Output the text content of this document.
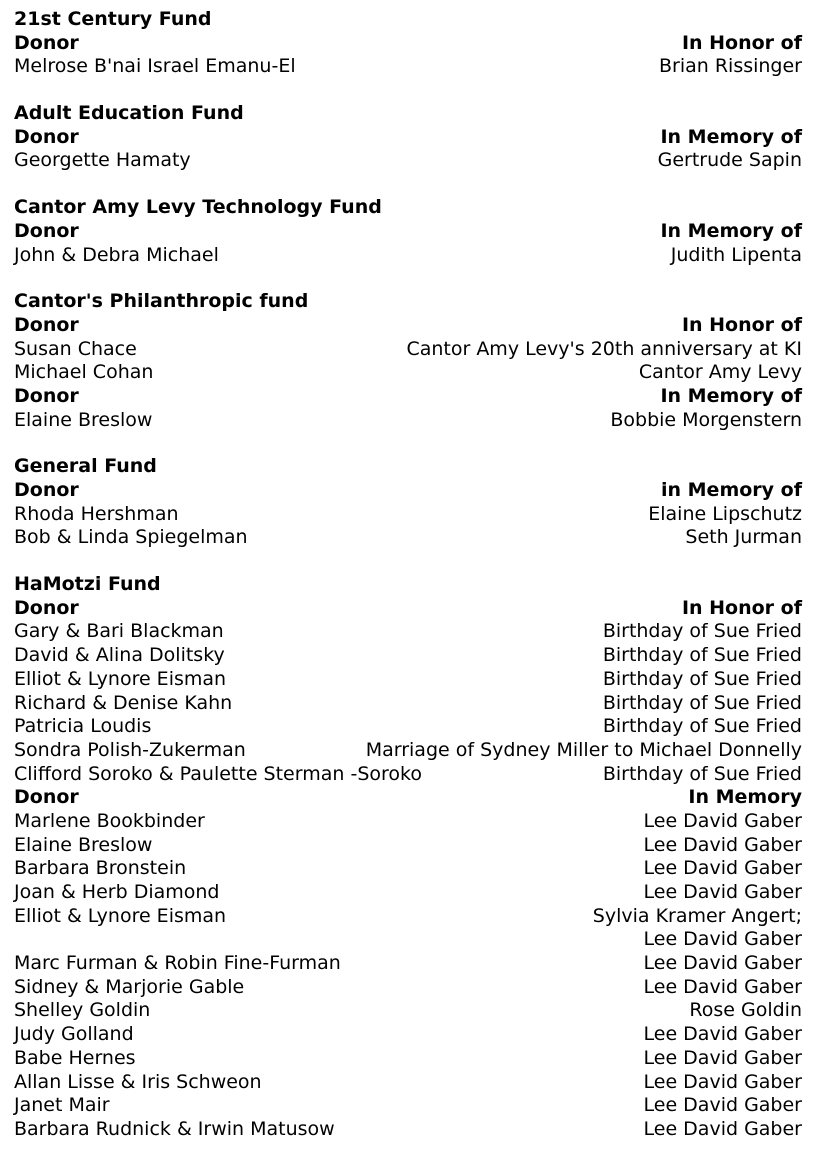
21st Century Fund
Donor	In Honor of
Melrose B'nai Israel Emanu-El	Brian Rissinger
Adult Education Fund
Donor	In Memory of
Georgette Hamaty	Gertrude Sapin
Cantor Amy Levy Technology Fund
Donor	In Memory of
John & Debra Michael	Judith Lipenta
Cantor's Philanthropic fund
Donor	In Honor of
Susan Chace	Cantor Amy Levy's 20th anniversary at KI
Michael Cohan	Cantor Amy Levy
Donor	In Memory of
Elaine Breslow	Bobbie Morgenstern
General Fund
Donor	in Memory of
Rhoda Hershman	Elaine Lipschutz
Bob & Linda Spiegelman	Seth Jurman
HaMotzi Fund
Donor	In Honor of
Gary & Bari Blackman	Birthday of Sue Fried
David & Alina Dolitsky	Birthday of Sue Fried
Elliot & Lynore Eisman	Birthday of Sue Fried
Richard & Denise Kahn	Birthday of Sue Fried
Patricia Loudis	Birthday of Sue Fried
Sondra Polish-Zukerman	Marriage of Sydney Miller to Michael Donnelly
Clifford Soroko & Paulette Sterman -Soroko	Birthday of Sue Fried
Donor	In Memory
Marlene Bookbinder	Lee David Gaber
Elaine Breslow	Lee David Gaber
Barbara Bronstein	Lee David Gaber
Joan & Herb Diamond	Lee David Gaber
Elliot & Lynore Eisman	Sylvia Kramer Angert;
Lee David Gaber
Marc Furman & Robin Fine-Furman	Lee David Gaber
Sidney & Marjorie Gable	Lee David Gaber
Shelley Goldin	Rose Goldin
Judy Golland	Lee David Gaber
Babe Hernes	Lee David Gaber
Allan Lisse & Iris Schweon	Lee David Gaber
Janet Mair	Lee David Gaber
Barbara Rudnick & Irwin Matusow	Lee David Gaber
